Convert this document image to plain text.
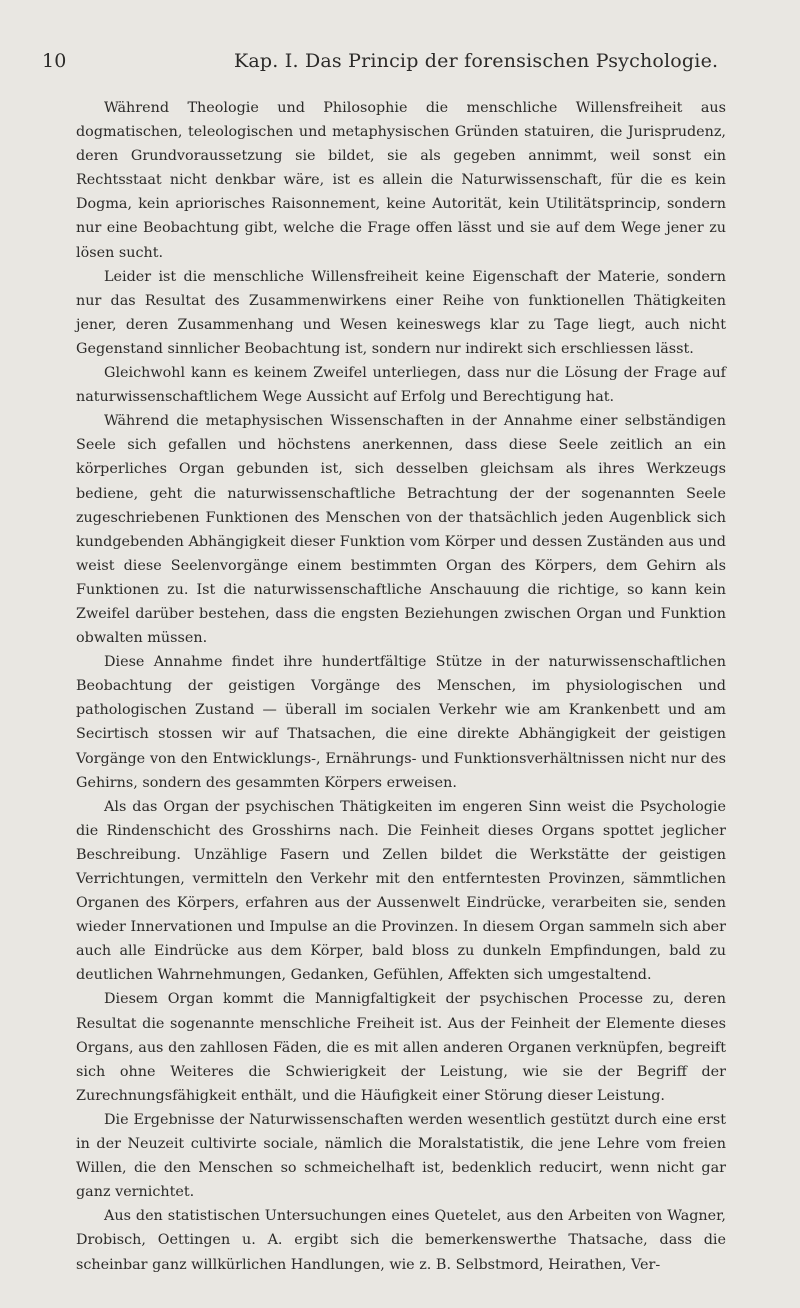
10	Kap. I. Das Princip der forensischen Psychologie.

Während Theologie und Philosophie die menschliche Willensfreiheit aus dogmatischen, teleologischen und metaphysischen Gründen statuiren, die Jurisprudenz, deren Grundvoraussetzung sie bildet, sie als gegeben annimmt, weil sonst ein Rechtsstaat nicht denkbar wäre, ist es allein die Naturwissenschaft, für die es kein Dogma, kein apriorisches Raisonnement, keine Autorität, kein Utilitätsprincip, sondern nur eine Beobachtung gibt, welche die Frage offen lässt und sie auf dem Wege jener zu lösen sucht.

Leider ist die menschliche Willensfreiheit keine Eigenschaft der Materie, sondern nur das Resultat des Zusammenwirkens einer Reihe von funktionellen Thätigkeiten jener, deren Zusammenhang und Wesen keineswegs klar zu Tage liegt, auch nicht Gegenstand sinnlicher Beobachtung ist, sondern nur indirekt sich erschliessen lässt.

Gleichwohl kann es keinem Zweifel unterliegen, dass nur die Lösung der Frage auf naturwissenschaftlichem Wege Aussicht auf Erfolg und Berechtigung hat.

Während die metaphysischen Wissenschaften in der Annahme einer selbständigen Seele sich gefallen und höchstens anerkennen, dass diese Seele zeitlich an ein körperliches Organ gebunden ist, sich desselben gleichsam als ihres Werkzeugs bediene, geht die naturwissenschaftliche Betrachtung der der sogenannten Seele zugeschriebenen Funktionen des Menschen von der thatsächlich jeden Augenblick sich kundgebenden Abhängigkeit dieser Funktion vom Körper und dessen Zuständen aus und weist diese Seelenvorgänge einem bestimmten Organ des Körpers, dem Gehirn als Funktionen zu. Ist die naturwissenschaftliche Anschauung die richtige, so kann kein Zweifel darüber bestehen, dass die engsten Beziehungen zwischen Organ und Funktion obwalten müssen.

Diese Annahme findet ihre hundertfältige Stütze in der naturwissenschaftlichen Beobachtung der geistigen Vorgänge des Menschen, im physiologischen und pathologischen Zustand — überall im socialen Verkehr wie am Krankenbett und am Secirtisch stossen wir auf Thatsachen, die eine direkte Abhängigkeit der geistigen Vorgänge von den Entwicklungs-, Ernährungs- und Funktionsverhältnissen nicht nur des Gehirns, sondern des gesammten Körpers erweisen.

Als das Organ der psychischen Thätigkeiten im engeren Sinn weist die Psychologie die Rindenschicht des Grosshirns nach. Die Feinheit dieses Organs spottet jeglicher Beschreibung. Unzählige Fasern und Zellen bildet die Werkstätte der geistigen Verrichtungen, vermitteln den Verkehr mit den entferntesten Provinzen, sämmtlichen Organen des Körpers, erfahren aus der Aussenwelt Eindrücke, verarbeiten sie, senden wieder Innervationen und Impulse an die Provinzen. In diesem Organ sammeln sich aber auch alle Eindrücke aus dem Körper, bald bloss zu dunkeln Empfindungen, bald zu deutlichen Wahrnehmungen, Gedanken, Gefühlen, Affekten sich umgestaltend.

Diesem Organ kommt die Mannigfaltigkeit der psychischen Processe zu, deren Resultat die sogenannte menschliche Freiheit ist. Aus der Feinheit der Elemente dieses Organs, aus den zahllosen Fäden, die es mit allen anderen Organen verknüpfen, begreift sich ohne Weiteres die Schwierigkeit der Leistung, wie sie der Begriff der Zurechnungsfähigkeit enthält, und die Häufigkeit einer Störung dieser Leistung.

Die Ergebnisse der Naturwissenschaften werden wesentlich gestützt durch eine erst in der Neuzeit cultivirte sociale, nämlich die Moralstatistik, die jene Lehre vom freien Willen, die den Menschen so schmeichelhaft ist, bedenklich reducirt, wenn nicht gar ganz vernichtet.

Aus den statistischen Untersuchungen eines Quetelet, aus den Arbeiten von Wagner, Drobisch, Oettingen u. A. ergibt sich die bemerkenswerthe Thatsache, dass die scheinbar ganz willkürlichen Handlungen, wie z. B. Selbstmord, Heirathen, Ver-
